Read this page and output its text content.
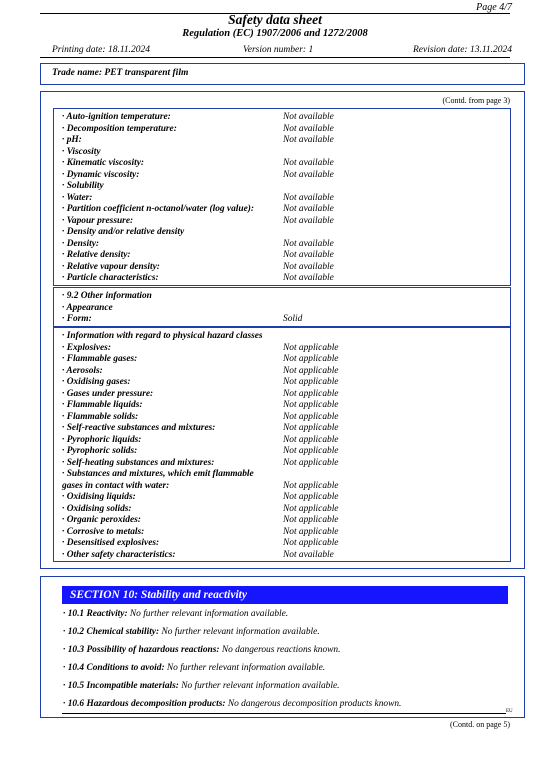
Page 4/7
Safety data sheet
Regulation (EC) 1907/2006 and 1272/2008
Printing date: 18.11.2024	Version number: 1	Revision date: 13.11.2024
Trade name: PET transparent film
(Contd. from page 3)
· Auto-ignition temperature:	Not available
· Decomposition temperature:	Not available
· pH:	Not available
· Viscosity
· Kinematic viscosity:	Not available
· Dynamic viscosity:	Not available
· Solubility
· Water:	Not available
· Partition coefficient n-octanol/water (log value):	Not available
· Vapour pressure:	Not available
· Density and/or relative density
· Density:	Not available
· Relative density:	Not available
· Relative vapour density:	Not available
· Particle characteristics:	Not available
· 9.2 Other information
· Appearance
· Form:	Solid
· Information with regard to physical hazard classes
· Explosives:	Not applicable
· Flammable gases:	Not applicable
· Aerosols:	Not applicable
· Oxidising gases:	Not applicable
· Gases under pressure:	Not applicable
· Flammable liquids:	Not applicable
· Flammable solids:	Not applicable
· Self-reactive substances and mixtures:	Not applicable
· Pyrophoric liquids:	Not applicable
· Pyrophoric solids:	Not applicable
· Self-heating substances and mixtures:	Not applicable
· Substances and mixtures, which emit flammable
gases in contact with water:	Not applicable
· Oxidising liquids:	Not applicable
· Oxidising solids:	Not applicable
· Organic peroxides:	Not applicable
· Corrosive to metals:	Not applicable
· Desensitised explosives:	Not applicable
· Other safety characteristics:	Not available
SECTION 10: Stability and reactivity
· 10.1 Reactivity: No further relevant information available.
· 10.2 Chemical stability: No further relevant information available.
· 10.3 Possibility of hazardous reactions: No dangerous reactions known.
· 10.4 Conditions to avoid: No further relevant information available.
· 10.5 Incompatible materials: No further relevant information available.
· 10.6 Hazardous decomposition products: No dangerous decomposition products known.
EU
(Contd. on page 5)
